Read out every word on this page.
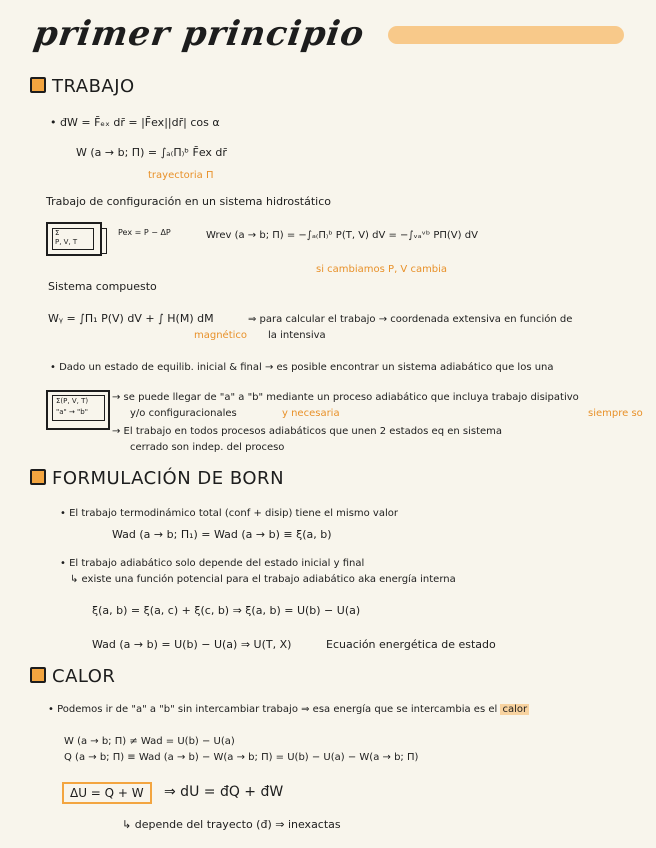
primer principio
TRABAJO
• đW = F̄ₑₓ dr̄ = |F̄ex||dr̄| cos α
W (a → b; Π) = ∫ₐ₍Π₎ᵇ F̄ex dr̄
trayectoria Π
Trabajo de configuración en un sistema hidrostático
Σ
P, V, T
Pex = P − ΔP	Wrev (a → b; Π) = −∫ₐ₍Π₎ᵇ P(T, V) dV = −∫ᵥₐᵛᵇ PΠ(V) dV
si cambiamos P, V cambia
Sistema compuesto
Wᵧ = ∫Π₁ P(V) dV + ∫ H(M) dM
magnético
⇒ para calcular el trabajo → coordenada extensiva en función de
la intensiva
• Dado un estado de equilib. inicial & final → es posible encontrar un sistema adiabático que los una
Σ(P, V, T)
"a" → "b"
→ se puede llegar de "a" a "b" mediante un proceso adiabático que incluya trabajo disipativo
siempre so
y/o configuracionales	y necesaria
→ El trabajo en todos procesos adiabáticos que unen 2 estados eq en sistema
cerrado son indep. del proceso
FORMULACIÓN DE BORN
• El trabajo termodinámico total (conf + disip) tiene el mismo valor
Wad (a → b; Π₁) = Wad (a → b) ≡ ξ(a, b)
• El trabajo adiabático solo depende del estado inicial y final
↳ existe una función potencial para el trabajo adiabático aka energía interna
ξ(a, b) = ξ(a, c) + ξ(c, b) ⇒ ξ(a, b) = U(b) − U(a)
Wad (a → b) = U(b) − U(a) ⇒ U(T, X)	Ecuación energética de estado
CALOR
• Podemos ir de "a" a "b" sin intercambiar trabajo ⇒ esa energía que se intercambia es el calor
W (a → b; Π) ≠ Wad = U(b) − U(a)
Q (a → b; Π) ≡ Wad (a → b) − W(a → b; Π) = U(b) − U(a) − W(a → b; Π)
ΔU = Q + W	⇒ dU = đQ + đW
↳ depende del trayecto (đ) ⇒ inexactas
